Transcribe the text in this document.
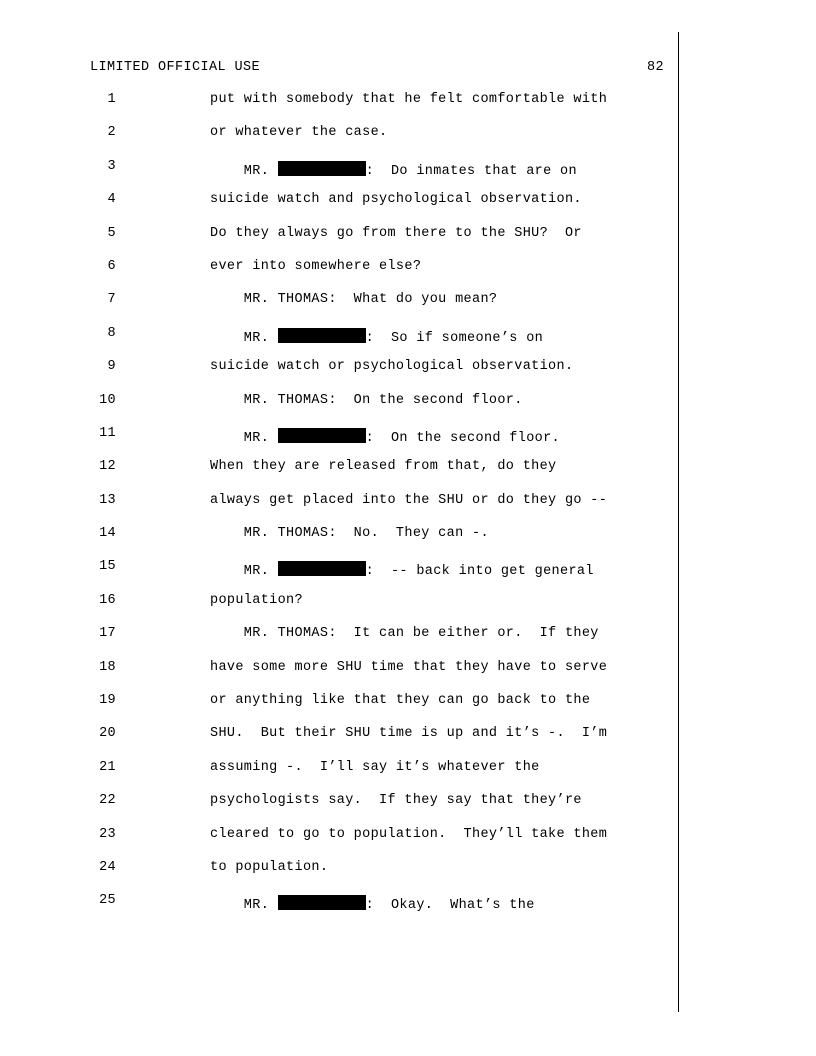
LIMITED OFFICIAL USE

	82

1	put with somebody that he felt comfortable with
2	or whatever the case.
3	MR.	:  Do inmates that are on
4	suicide watch and psychological observation.
5	Do they always go from there to the SHU?  Or
6	ever into somewhere else?
7	MR. THOMAS:  What do you mean?
8	MR.	:  So if someone’s on
9	suicide watch or psychological observation.
10	MR. THOMAS:  On the second floor.
11	MR.	:  On the second floor.
12	When they are released from that, do they
13	always get placed into the SHU or do they go --
14	MR. THOMAS:  No.  They can -.
15	MR.	:  -- back into get general
16	population?
17	MR. THOMAS:  It can be either or.  If they
18	have some more SHU time that they have to serve
19	or anything like that they can go back to the
20	SHU.  But their SHU time is up and it’s -.  I’m
21	assuming -.  I’ll say it’s whatever the
22	psychologists say.  If they say that they’re
23	cleared to go to population.  They’ll take them
24	to population.
25	MR.	:  Okay.  What’s the
